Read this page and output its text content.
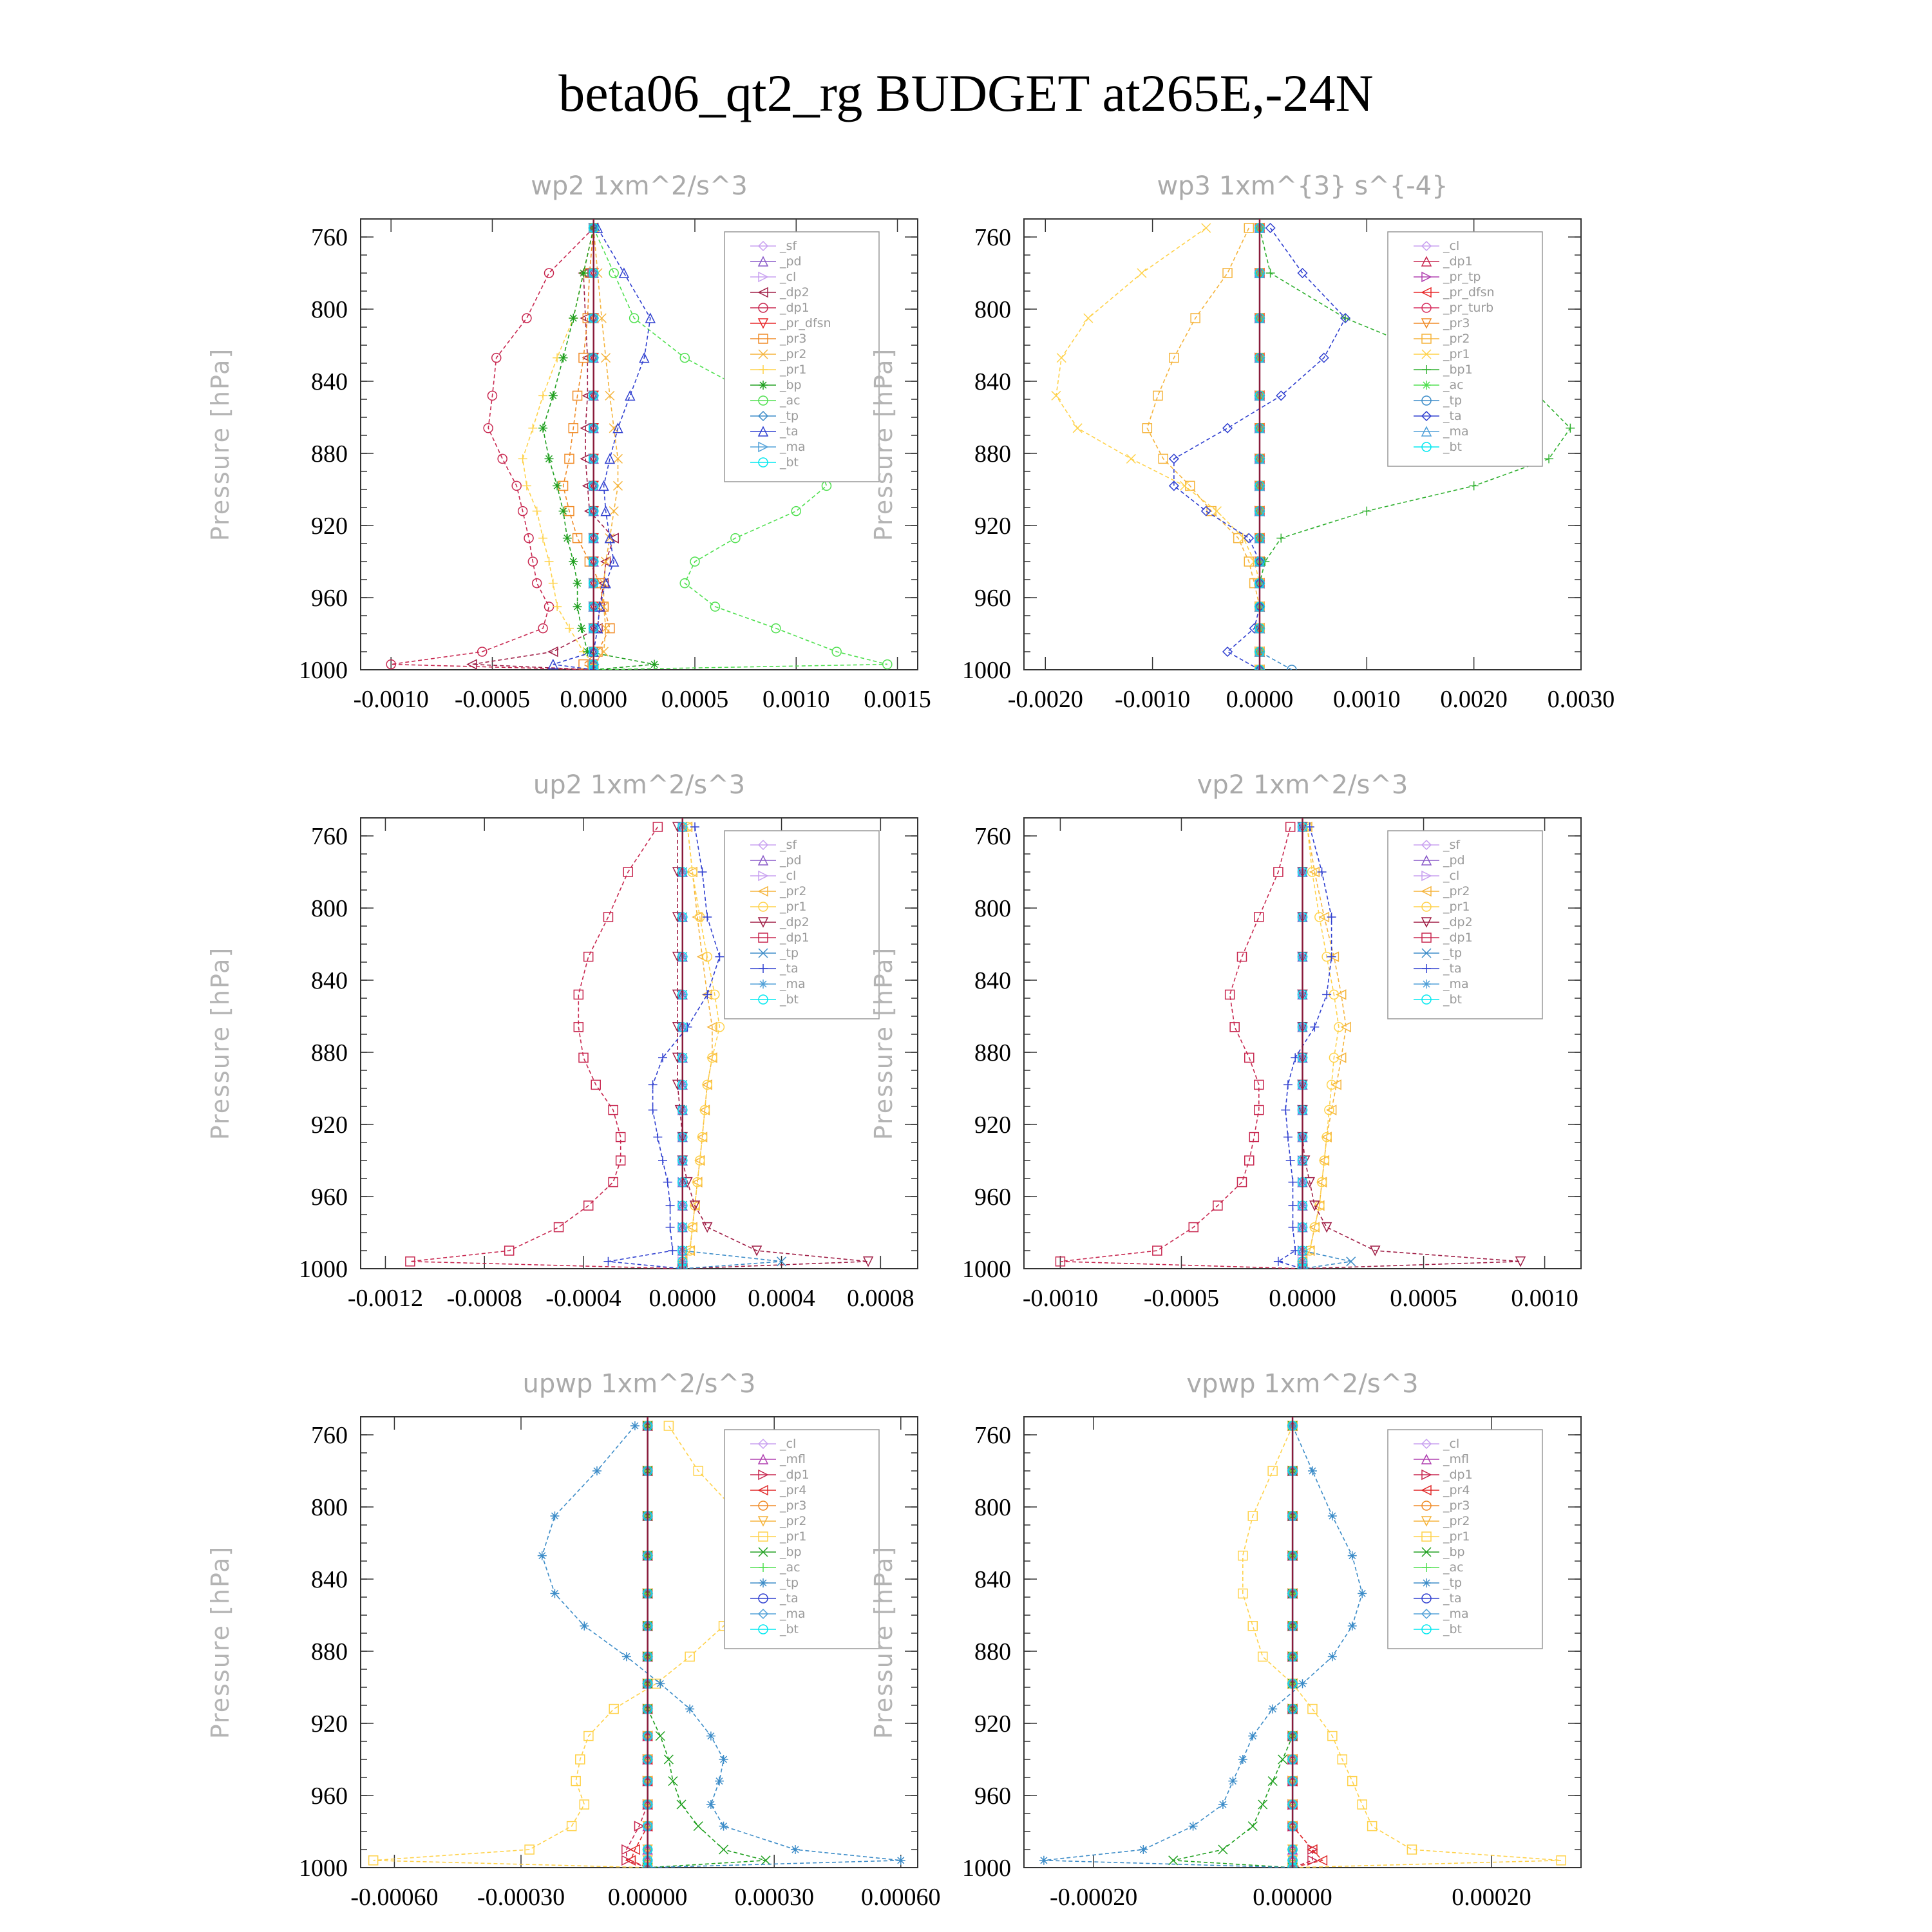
beta06_qt2_rg BUDGET at265E,-24N
wp2 1xm^2/s^3
Pressure [hPa]
760
800
840
880
920
960
1000
-0.0010 -0.0005 0.0000 0.0005 0.0010 0.0015
_sf
_pd
_cl
_dp2
_dp1
_pr_dfsn
_pr3
_pr2
_pr1
_bp
_ac
_tp
_ta
_ma
_bt
wp3 1xm^{3} s^{-4}
Pressure [hPa]
760
800
840
880
920
960
1000
-0.0020 -0.0010 0.0000 0.0010 0.0020 0.0030
_cl
_dp1
_pr_tp
_pr_dfsn
_pr_turb
_pr3
_pr2
_pr1
_bp1
_ac
_tp
_ta
_ma
_bt
up2 1xm^2/s^3
Pressure [hPa]
760
800
840
880
920
960
1000
-0.0012 -0.0008 -0.0004 0.0000 0.0004 0.0008
_sf
_pd
_cl
_pr2
_pr1
_dp2
_dp1
_tp
_ta
_ma
_bt
vp2 1xm^2/s^3
Pressure [hPa]
760
800
840
880
920
960
1000
-0.0010 -0.0005 0.0000 0.0005 0.0010
_sf
_pd
_cl
_pr2
_pr1
_dp2
_dp1
_tp
_ta
_ma
_bt
upwp 1xm^2/s^3
Pressure [hPa]
760
800
840
880
920
960
1000
-0.00060 -0.00030 0.00000 0.00030 0.00060
_cl
_mfl
_dp1
_pr4
_pr3
_pr2
_pr1
_bp
_ac
_tp
_ta
_ma
_bt
vpwp 1xm^2/s^3
Pressure [hPa]
760
800
840
880
920
960
1000
-0.00020	0.00000	0.00020
_cl
_mfl
_dp1
_pr4
_pr3
_pr2
_pr1
_bp
_ac
_tp
_ta
_ma
_bt
